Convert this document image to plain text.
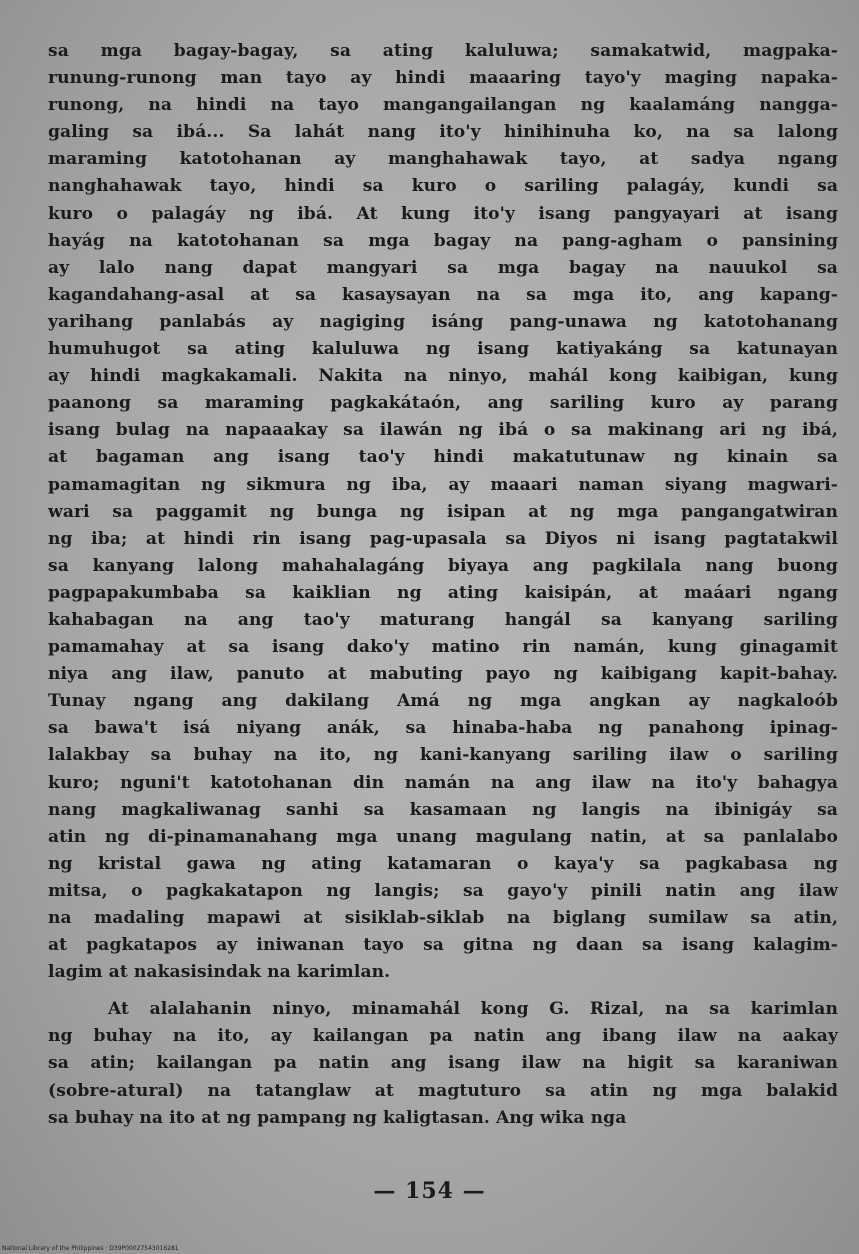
sa mga bagay-bagay, sa ating kaluluwa; samakatwid, magpaka-
runung-runong man tayo ay hindi maaaring tayo'y maging napaka-
runong, na hindi na tayo mangangailangan ng kaalamáng nangga-
galing sa ibá... Sa lahát nang ito'y hinihinuha ko, na sa lalong
maraming katotohanan ay manghahawak tayo, at sadya ngang
nanghahawak tayo, hindi sa kuro o sariling palagáy, kundi sa
kuro o palagáy ng ibá. At kung ito'y isang pangyayari at isang
hayág na katotohanan sa mga bagay na pang-agham o pansining
ay lalo nang dapat mangyari sa mga bagay na nauukol sa
kagandahang-asal at sa kasaysayan na sa mga ito, ang kapang-
yarihang panlabás ay nagiging isáng pang-unawa ng katotohanang
humuhugot sa ating kaluluwa ng isang katiyakáng sa katunayan
ay hindi magkakamali. Nakita na ninyo, mahál kong kaibigan, kung
paanong sa maraming pagkakátaón, ang sariling kuro ay parang
isang bulag na napaaakay sa ilawán ng ibá o sa makinang ari ng ibá,
at bagaman ang isang tao'y hindi makatutunaw ng kinain sa
pamamagitan ng sikmura ng iba, ay maaari naman siyang magwari-
wari sa paggamit ng bunga ng isipan at ng mga pangangatwiran
ng iba; at hindi rin isang pag-upasala sa Diyos ni isang pagtatakwil
sa kanyang lalong mahahalagáng biyaya ang pagkilala nang buong
pagpapakumbaba sa kaiklian ng ating kaisipán, at maáari ngang
kahabagan na ang tao'y maturang hangál sa kanyang sariling
pamamahay at sa isang dako'y matino rin namán, kung ginagamit
niya ang ilaw, panuto at mabuting payo ng kaibigang kapit-bahay.
Tunay ngang ang dakilang Amá ng mga angkan ay nagkaloób
sa bawa't isá niyang anák, sa hinaba-haba ng panahong ipinag-
lalakbay sa buhay na ito, ng kani-kanyang sariling ilaw o sariling
kuro; nguni't katotohanan din namán na ang ilaw na ito'y bahagya
nang magkaliwanag sanhi sa kasamaan ng langis na ibinigáy sa
atin ng di-pinamanahang mga unang magulang natin, at sa panlalabo
ng kristal gawa ng ating katamaran o kaya'y sa pagkabasa ng
mitsa, o pagkakatapon ng langis; sa gayo'y pinili natin ang ilaw
na madaling mapawi at sisiklab-siklab na biglang sumilaw sa atin,
at pagkatapos ay iniwanan tayo sa gitna ng daan sa isang kalagim-
lagim at nakasisindak na karimlan.

At alalahanin ninyo, minamahál kong G. Rizal, na sa karimlan
ng buhay na ito, ay kailangan pa natin ang ibang ilaw na aakay
sa atin; kailangan pa natin ang isang ilaw na higit sa karaniwan
(sobre-atural) na tatanglaw at magtuturo sa atin ng mga balakid
sa buhay na ito at ng pampang ng kaligtasan. Ang wika nga

— 154 —
National Library of the Philippines · D39P00027543016281
